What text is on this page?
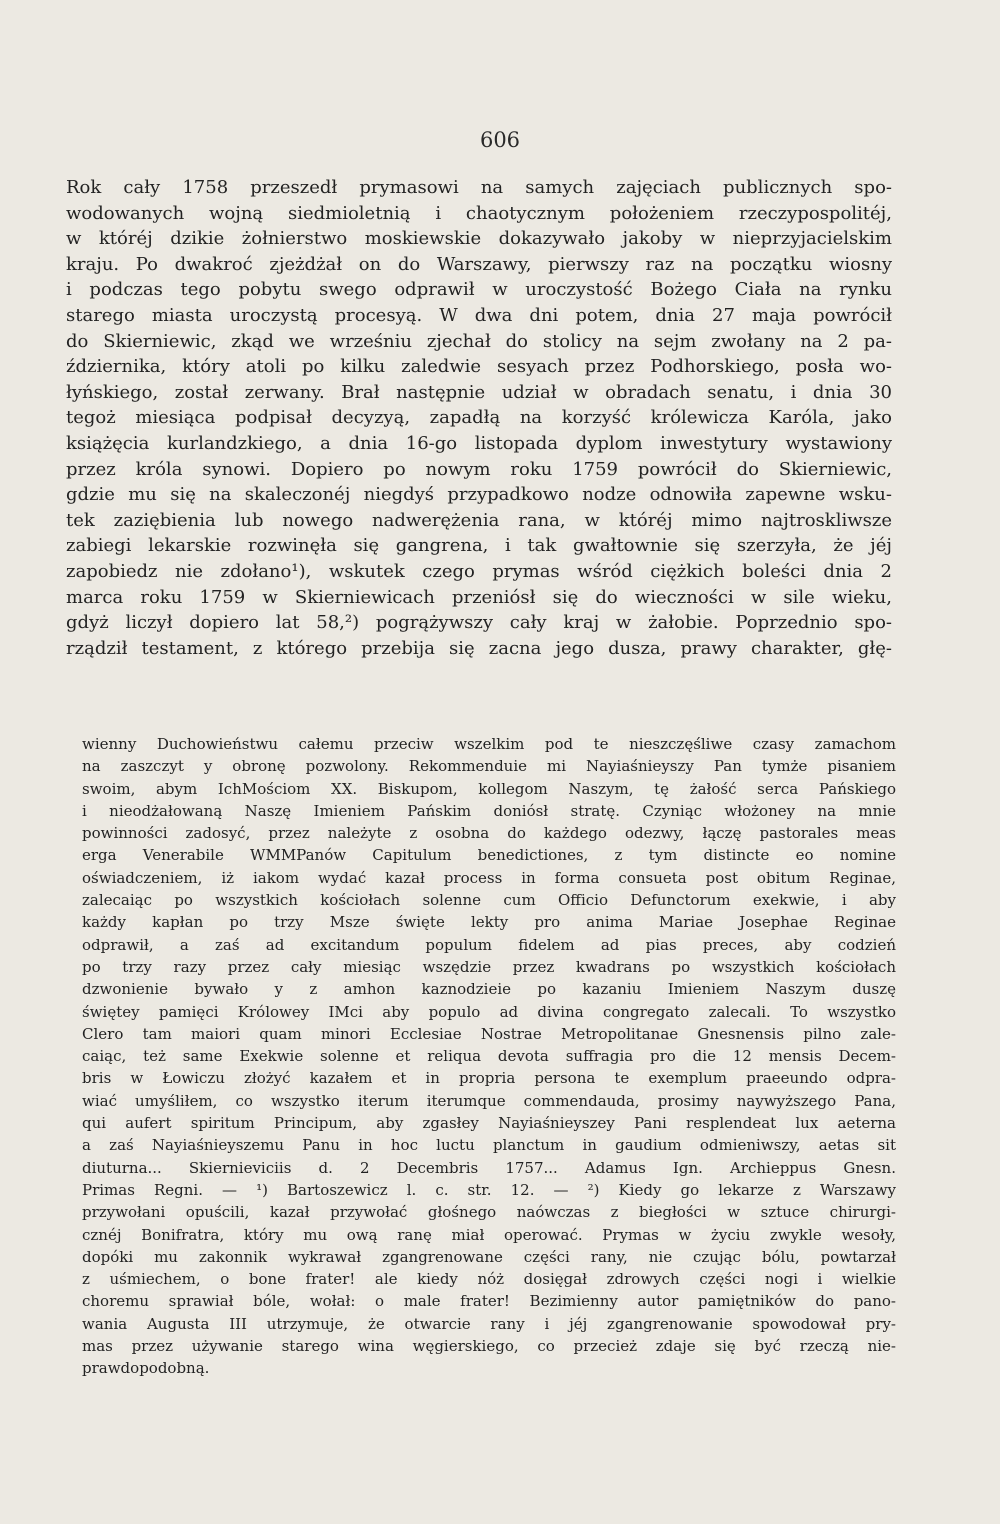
606
Rok cały 1758 przeszedł prymasowi na samych zajęciach publicznych spo-
wodowanych wojną siedmioletnią i chaotycznym położeniem rzeczypospolitéj,
w któréj dzikie żołnierstwo moskiewskie dokazywało jakoby w nieprzyjacielskim
kraju. Po dwakroć zjeżdżał on do Warszawy, pierwszy raz na początku wiosny
i podczas tego pobytu swego odprawił w uroczystość Bożego Ciała na rynku
starego miasta uroczystą procesyą. W dwa dni potem, dnia 27 maja powrócił
do Skierniewic, zkąd we wrześniu zjechał do stolicy na sejm zwołany na 2 pa-
ździernika, który atoli po kilku zaledwie sesyach przez Podhorskiego, posła wo-
łyńskiego, został zerwany. Brał następnie udział w obradach senatu, i dnia 30
tegoż miesiąca podpisał decyzyą, zapadłą na korzyść królewicza Karóla, jako
książęcia kurlandzkiego, a dnia 16-go listopada dyplom inwestytury wystawiony
przez króla synowi. Dopiero po nowym roku 1759 powrócił do Skierniewic,
gdzie mu się na skaleczonéj niegdyś przypadkowo nodze odnowiła zapewne wsku-
tek zaziębienia lub nowego nadwerężenia rana, w któréj mimo najtroskliwsze
zabiegi lekarskie rozwinęła się gangrena, i tak gwałtownie się szerzyła, że jéj
zapobiedz nie zdołano¹), wskutek czego prymas wśród ciężkich boleści dnia 2
marca roku 1759 w Skierniewicach przeniósł się do wieczności w sile wieku,
gdyż liczył dopiero lat 58,²) pogrążywszy cały kraj w żałobie. Poprzednio spo-
rządził testament, z którego przebija się zacna jego dusza, prawy charakter, głę-
wienny Duchowieństwu całemu przeciw wszelkim pod te nieszczęśliwe czasy zamachom
na zaszczyt y obronę pozwolony. Rekommenduie mi Nayiaśnieyszy Pan tymże pisaniem
swoim, abym IchMościom XX. Biskupom, kollegom Naszym, tę żałość serca Pańskiego
i nieodżałowaną Naszę Imieniem Pańskim doniósł stratę. Czyniąc włożoney na mnie
powinności zadosyć, przez należyte z osobna do każdego odezwy, łączę pastorales meas
erga Venerabile WMMPanów Capitulum benedictiones, z tym distincte eo nomine
oświadczeniem, iż iakom wydać kazał process in forma consueta post obitum Reginae,
zalecaiąc po wszystkich kościołach solenne cum Officio Defunctorum exekwie, i aby
każdy kapłan po trzy Msze święte lekty pro anima Mariae Josephae Reginae
odprawił, a zaś ad excitandum populum fidelem ad pias preces, aby codzień
po trzy razy przez cały miesiąc wszędzie przez kwadrans po wszystkich kościołach
dzwonienie bywało y z amhon kaznodzieie po kazaniu Imieniem Naszym duszę
świętey pamięci Królowey IMci aby populo ad divina congregato zalecali. To wszystko
Clero tam maiori quam minori Ecclesiae Nostrae Metropolitanae Gnesnensis pilno zale-
caiąc, też same Exekwie solenne et reliqua devota suffragia pro die 12 mensis Decem-
bris w Łowiczu złożyć kazałem et in propria persona te exemplum praeeundo odpra-
wiać umyśliłem, co wszystko iterum iterumque commendauda, prosimy naywyższego Pana,
qui aufert spiritum Principum, aby zgasłey Nayiaśnieyszey Pani resplendeat lux aeterna
a zaś Nayiaśnieyszemu Panu in hoc luctu planctum in gaudium odmieniwszy, aetas sit
diuturna... Skiernieviciis d. 2 Decembris 1757... Adamus Ign. Archieppus Gnesn.
Primas Regni. — ¹) Bartoszewicz l. c. str. 12. — ²) Kiedy go lekarze z Warszawy
przywołani opuścili, kazał przywołać głośnego naówczas z biegłości w sztuce chirurgi-
cznéj Bonifratra, który mu ową ranę miał operować. Prymas w życiu zwykle wesoły,
dopóki mu zakonnik wykrawał zgangrenowane części rany, nie czując bólu, powtarzał
z uśmiechem, o bone frater! ale kiedy nóż dosięgał zdrowych części nogi i wielkie
choremu sprawiał bóle, wołał: o male frater! Bezimienny autor pamiętników do pano-
wania Augusta III utrzymuje, że otwarcie rany i jéj zgangrenowanie spowodował pry-
mas przez używanie starego wina węgierskiego, co przecież zdaje się być rzeczą nie-
prawdopodobną.
